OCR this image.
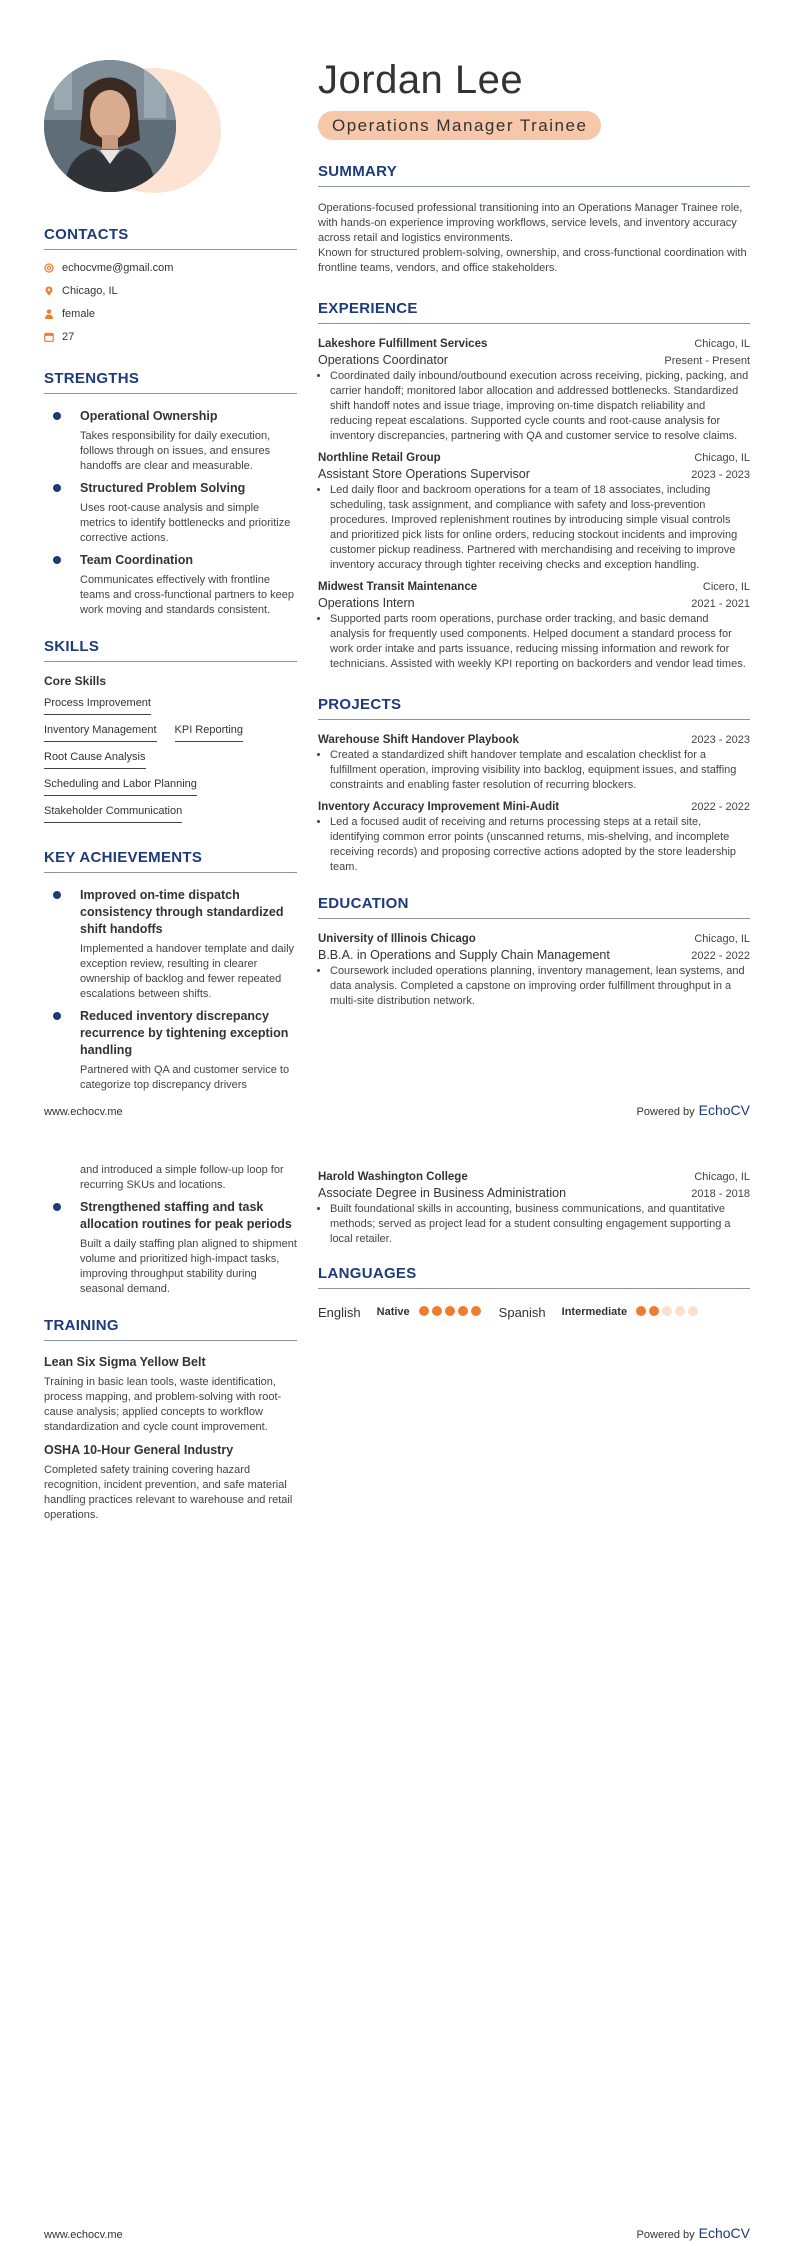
Jordan Lee
Operations Manager Trainee
CONTACTS
echocvme@gmail.com
Chicago, IL
female
27
STRENGTHS
Operational Ownership
Takes responsibility for daily execution, follows through on issues, and ensures handoffs are clear and measurable.
Structured Problem Solving
Uses root-cause analysis and simple metrics to identify bottlenecks and prioritize corrective actions.
Team Coordination
Communicates effectively with frontline teams and cross-functional partners to keep work moving and standards consistent.
SKILLS
Core Skills
Process Improvement
Inventory Management KPI Reporting
Root Cause Analysis
Scheduling and Labor Planning
Stakeholder Communication
KEY ACHIEVEMENTS
Improved on-time dispatch consistency through standardized shift handoffs
Implemented a handover template and daily exception review, resulting in clearer ownership of backlog and fewer repeated escalations between shifts.
Reduced inventory discrepancy recurrence by tightening exception handling
Partnered with QA and customer service to categorize top discrepancy drivers
SUMMARY

Operations-focused professional transitioning into an Operations Manager Trainee role, with hands-on experience improving workflows, service levels, and inventory accuracy across retail and logistics environments.

Known for structured problem-solving, ownership, and cross-functional coordination with frontline teams, vendors, and office stakeholders.

EXPERIENCE
Lakeshore Fulfillment Services	Chicago, IL
Operations Coordinator	Present - Present
• Coordinated daily inbound/outbound execution across receiving, picking, packing, and carrier handoff; monitored labor allocation and addressed bottlenecks. Standardized shift handoff notes and issue triage, improving on-time dispatch reliability and reducing repeat escalations. Supported cycle counts and root-cause analysis for inventory discrepancies, partnering with QA and customer service to resolve claims.
Northline Retail Group	Chicago, IL
Assistant Store Operations Supervisor	2023 - 2023
• Led daily floor and backroom operations for a team of 18 associates, including scheduling, task assignment, and compliance with safety and loss-prevention procedures. Improved replenishment routines by introducing simple visual controls and prioritized pick lists for online orders, reducing stockout incidents and improving customer pickup readiness. Partnered with merchandising and receiving to improve inventory accuracy through tighter receiving checks and exception handling.
Midwest Transit Maintenance	Cicero, IL
Operations Intern	2021 - 2021
• Supported parts room operations, purchase order tracking, and basic demand analysis for frequently used components. Helped document a standard process for work order intake and parts issuance, reducing missing information and rework for technicians. Assisted with weekly KPI reporting on backorders and vendor lead times.
PROJECTS
Warehouse Shift Handover Playbook	2023 - 2023
• Created a standardized shift handover template and escalation checklist for a fulfillment operation, improving visibility into backlog, equipment issues, and staffing constraints and enabling faster resolution of recurring blockers.
Inventory Accuracy Improvement Mini-Audit	2022 - 2022
• Led a focused audit of receiving and returns processing steps at a retail site, identifying common error points (unscanned returns, mis-shelving, and incomplete receiving records) and proposing corrective actions adopted by the store leadership team.
EDUCATION
University of Illinois Chicago	Chicago, IL
B.B.A. in Operations and Supply Chain Management	2022 - 2022
• Coursework included operations planning, inventory management, lean systems, and data analysis. Completed a capstone on improving order fulfillment throughput in a multi-site distribution network.
www.echocv.me	Powered by EchoCV
and introduced a simple follow-up loop for recurring SKUs and locations.
Strengthened staffing and task allocation routines for peak periods
Built a daily staffing plan aligned to shipment volume and prioritized high-impact tasks, improving throughput stability during seasonal demand.
TRAINING
Lean Six Sigma Yellow Belt
Training in basic lean tools, waste identification, process mapping, and problem-solving with root-cause analysis; applied concepts to workflow standardization and cycle count improvement.
OSHA 10-Hour General Industry
Completed safety training covering hazard recognition, incident prevention, and safe material handling practices relevant to warehouse and retail operations.
Harold Washington College	Chicago, IL
Associate Degree in Business Administration	2018 - 2018
• Built foundational skills in accounting, business communications, and quantitative methods; served as project lead for a student consulting engagement supporting a local retailer.
LANGUAGES
English Native	Spanish Intermediate
www.echocv.me	Powered by EchoCV
